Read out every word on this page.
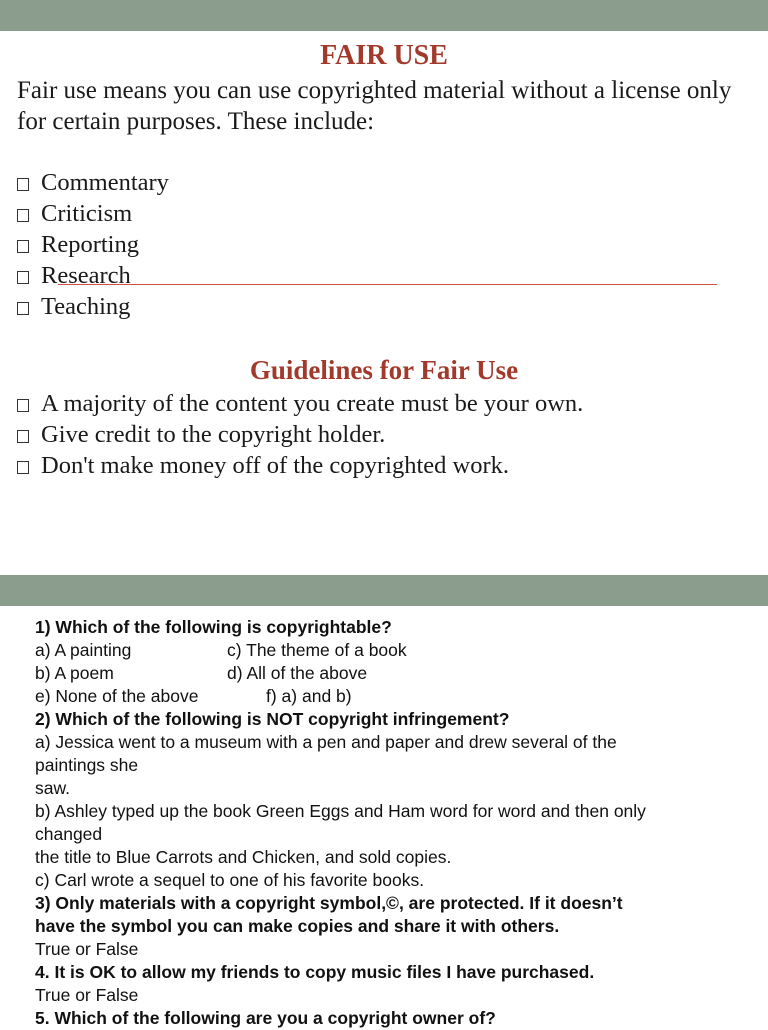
FAIR USE

Fair use means you can use copyrighted material without a license only for certain purposes. These include:

Commentary
Criticism
Reporting
Research
Teaching
Guidelines for Fair Use
A majority of the content you create must be your own.
Give credit to the copyright holder.
Don't make money off of the copyrighted work.
1) Which of the following is copyrightable?
a) A painting	c) The theme of a book
b) A poem	d) All of the above
e) None of the above	f) a) and b)
2) Which of the following is NOT copyright infringement?
a) Jessica went to a museum with a pen and paper and drew several of the
paintings she
saw.
b) Ashley typed up the book Green Eggs and Ham word for word and then only
changed
the title to Blue Carrots and Chicken, and sold copies.
c) Carl wrote a sequel to one of his favorite books.
3) Only materials with a copyright symbol,©, are protected. If it doesn’t
have the symbol you can make copies and share it with others.
True or False
4. It is OK to allow my friends to copy music files I have purchased.
True or False
5. Which of the following are you a copyright owner of?
